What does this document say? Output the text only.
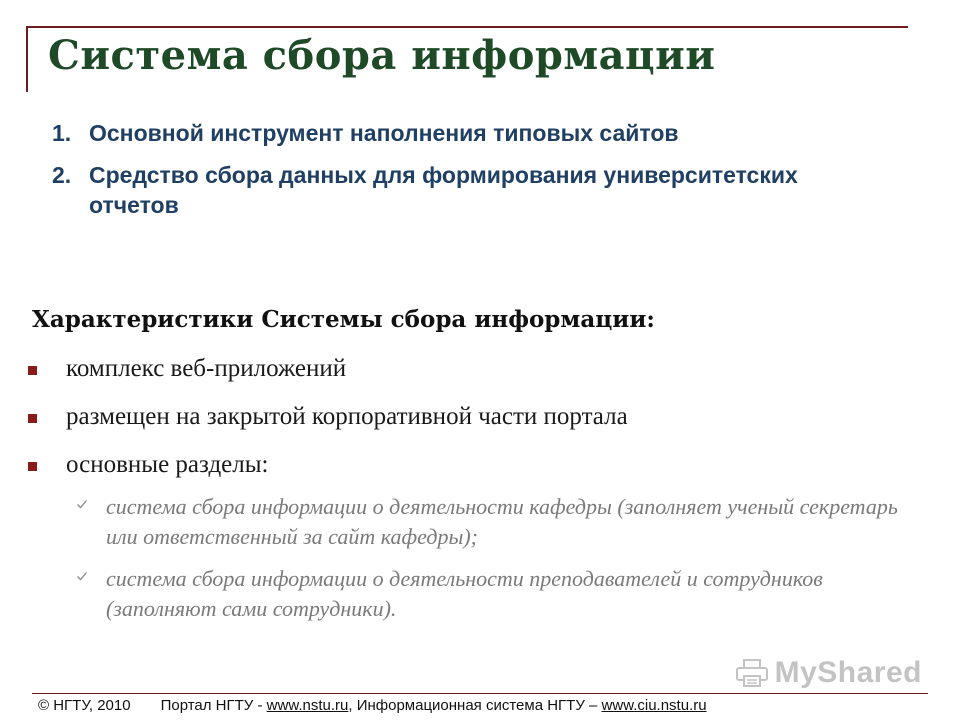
Система сбора информации
1. Основной инструмент наполнения типовых сайтов
2. Средство сбора данных для формирования университетских отчетов
Характеристики Системы сбора информации:
комплекс веб-приложений
размещен на закрытой корпоративной части портала
основные разделы:
система сбора информации о деятельности кафедры (заполняет ученый секретарь или ответственный за сайт кафедры);
система сбора информации о деятельности преподавателей и сотрудников (заполняют сами сотрудники).
MyShared
© НГТУ, 2010 Портал НГТУ - www.nstu.ru, Информационная система НГТУ – www.ciu.nstu.ru
